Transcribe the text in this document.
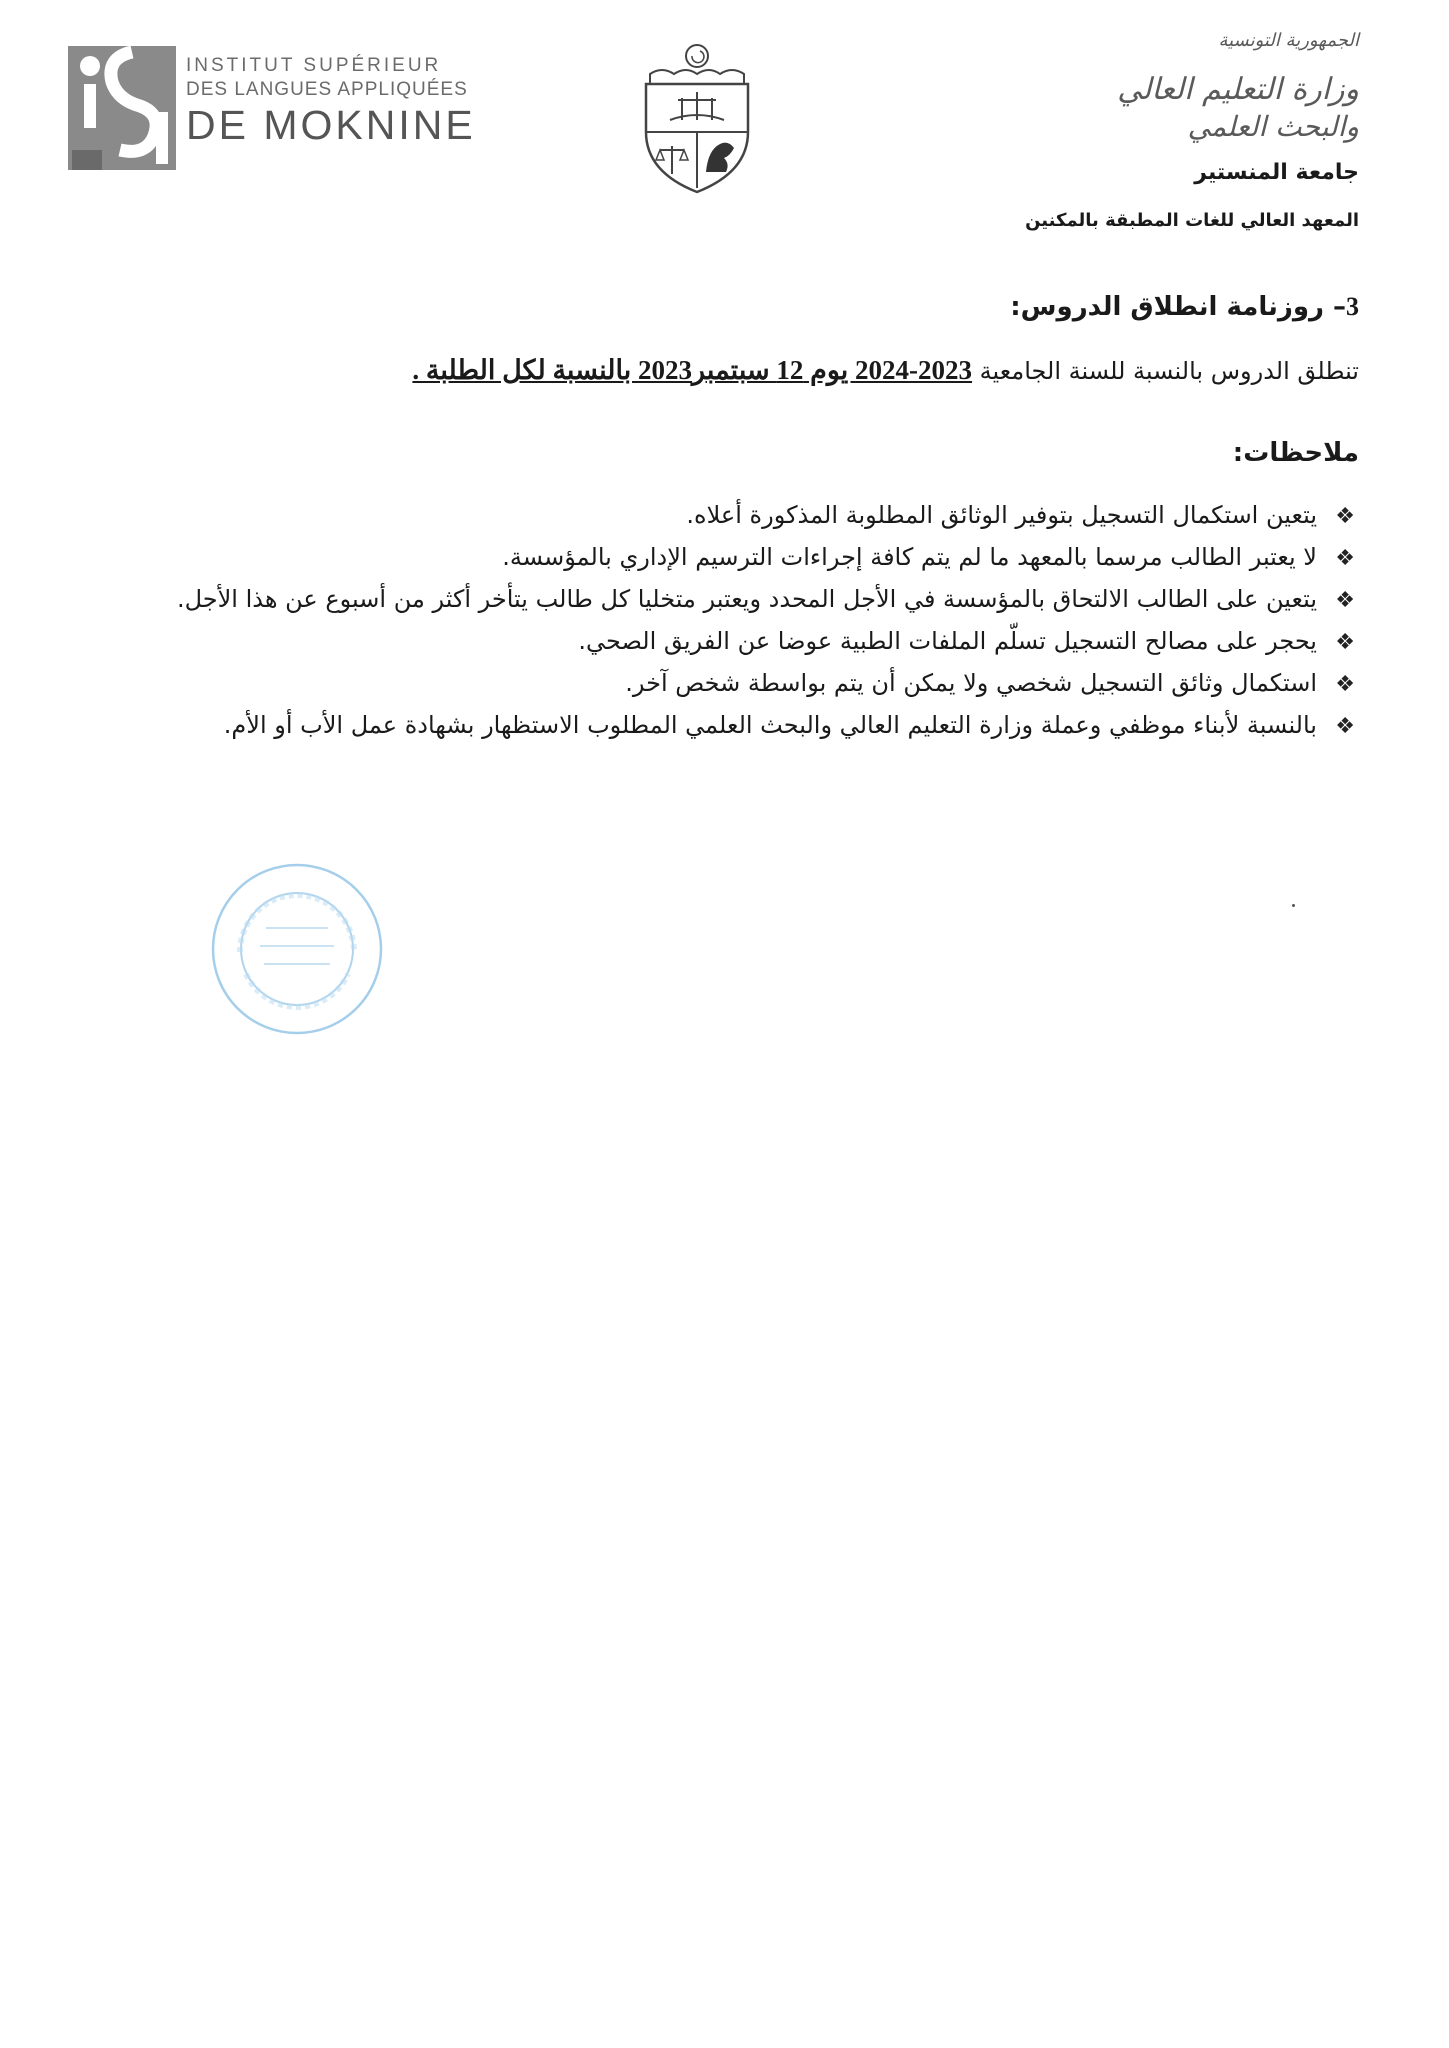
INSTITUT SUPÉRIEUR
DES LANGUES APPLIQUÉES
DE MOKNINE
الجمهورية التونسية
وزارة التعليم العالي
والبحث العلمي
جامعة المنستير
المعهد العالي للغات المطبقة بالمكنين
3– روزنامة انطلاق الدروس:
تنطلق الدروس بالنسبة للسنة الجامعية 2023-2024 يوم 12 سبتمبر2023 بالنسبة لكل الطلبة .
ملاحظات:
❖
يتعين استكمال التسجيل بتوفير الوثائق المطلوبة المذكورة أعلاه.
❖
لا يعتبر الطالب مرسما بالمعهد ما لم يتم كافة إجراءات الترسيم الإداري بالمؤسسة.
❖
يتعين على الطالب الالتحاق بالمؤسسة في الأجل المحدد ويعتبر متخليا كل طالب يتأخر أكثر من أسبوع عن هذا الأجل.
❖
يحجر على مصالح التسجيل تسلّم الملفات الطبية عوضا عن الفريق الصحي.
❖
استكمال وثائق التسجيل شخصي ولا يمكن أن يتم بواسطة شخص آخر.
❖
بالنسبة لأبناء موظفي وعملة وزارة التعليم العالي والبحث العلمي المطلوب الاستظهار بشهادة عمل الأب أو الأم.
